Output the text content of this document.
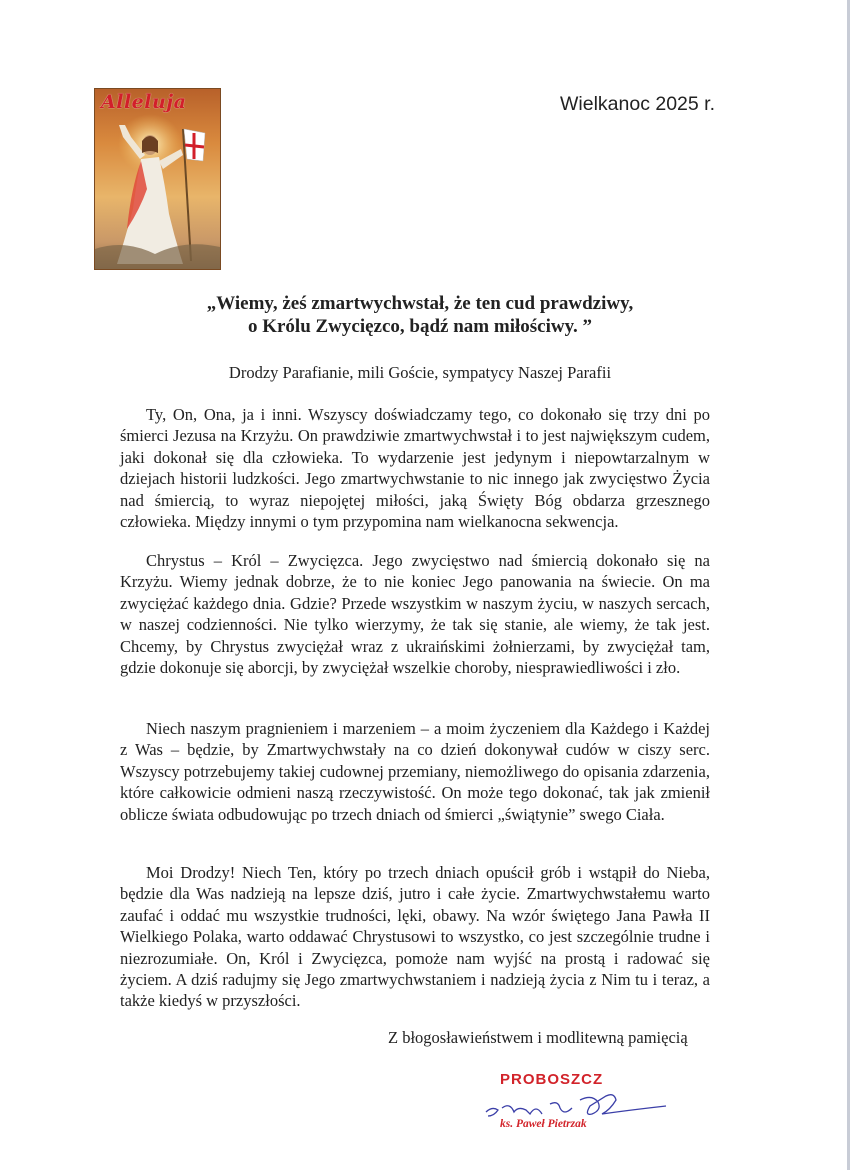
Alleluja	Wielkanoc 2025 r.
„Wiemy, żeś zmartwychwstał, że ten cud prawdziwy,
o Królu Zwycięzco, bądź nam miłościwy. ”
Drodzy Parafianie, mili Goście, sympatycy Naszej Parafii

Ty, On, Ona, ja i inni. Wszyscy doświadczamy tego, co dokonało się trzy dni po śmierci Jezusa na Krzyżu. On prawdziwie zmartwychwstał i to jest największym cudem, jaki dokonał się dla człowieka. To wydarzenie jest jedynym i niepowtarzalnym w dziejach historii ludzkości. Jego zmartwychwstanie to nic innego jak zwycięstwo Życia nad śmiercią, to wyraz niepojętej miłości, jaką Święty Bóg obdarza grzesznego człowieka. Między innymi o tym przypomina nam wielkanocna sekwencja.

Chrystus – Król – Zwycięzca. Jego zwycięstwo nad śmiercią dokonało się na Krzyżu. Wiemy jednak dobrze, że to nie koniec Jego panowania na świecie. On ma zwyciężać każdego dnia. Gdzie? Przede wszystkim w naszym życiu, w naszych sercach, w naszej codzienności. Nie tylko wierzymy, że tak się stanie, ale wiemy, że tak jest. Chcemy, by Chrystus zwyciężał wraz z ukraińskimi żołnierzami, by zwyciężał tam, gdzie dokonuje się aborcji, by zwyciężał wszelkie choroby, niesprawiedliwości i zło.

Niech naszym pragnieniem i marzeniem – a moim życzeniem dla Każdego i Każdej z Was – będzie, by Zmartwychwstały na co dzień dokonywał cudów w ciszy serc. Wszyscy potrzebujemy takiej cudownej przemiany, niemożliwego do opisania zdarzenia, które całkowicie odmieni naszą rzeczywistość. On może tego dokonać, tak jak zmienił oblicze świata odbudowując po trzech dniach od śmierci „świątynie” swego Ciała.

Moi Drodzy! Niech Ten, który po trzech dniach opuścił grób i wstąpił do Nieba, będzie dla Was nadzieją na lepsze dziś, jutro i całe życie. Zmartwychwstałemu warto zaufać i oddać mu wszystkie trudności, lęki, obawy. Na wzór świętego Jana Pawła II Wielkiego Polaka, warto oddawać Chrystusowi to wszystko, co jest szczególnie trudne i niezrozumiałe. On, Król i Zwycięzca, pomoże nam wyjść na prostą i radować się życiem. A dziś radujmy się Jego zmartwychwstaniem i nadzieją życia z Nim tu i teraz, a także kiedyś w przyszłości.

Z błogosławieństwem i modlitewną pamięcią
PROBOSZCZ
ks. Paweł Pietrzak
